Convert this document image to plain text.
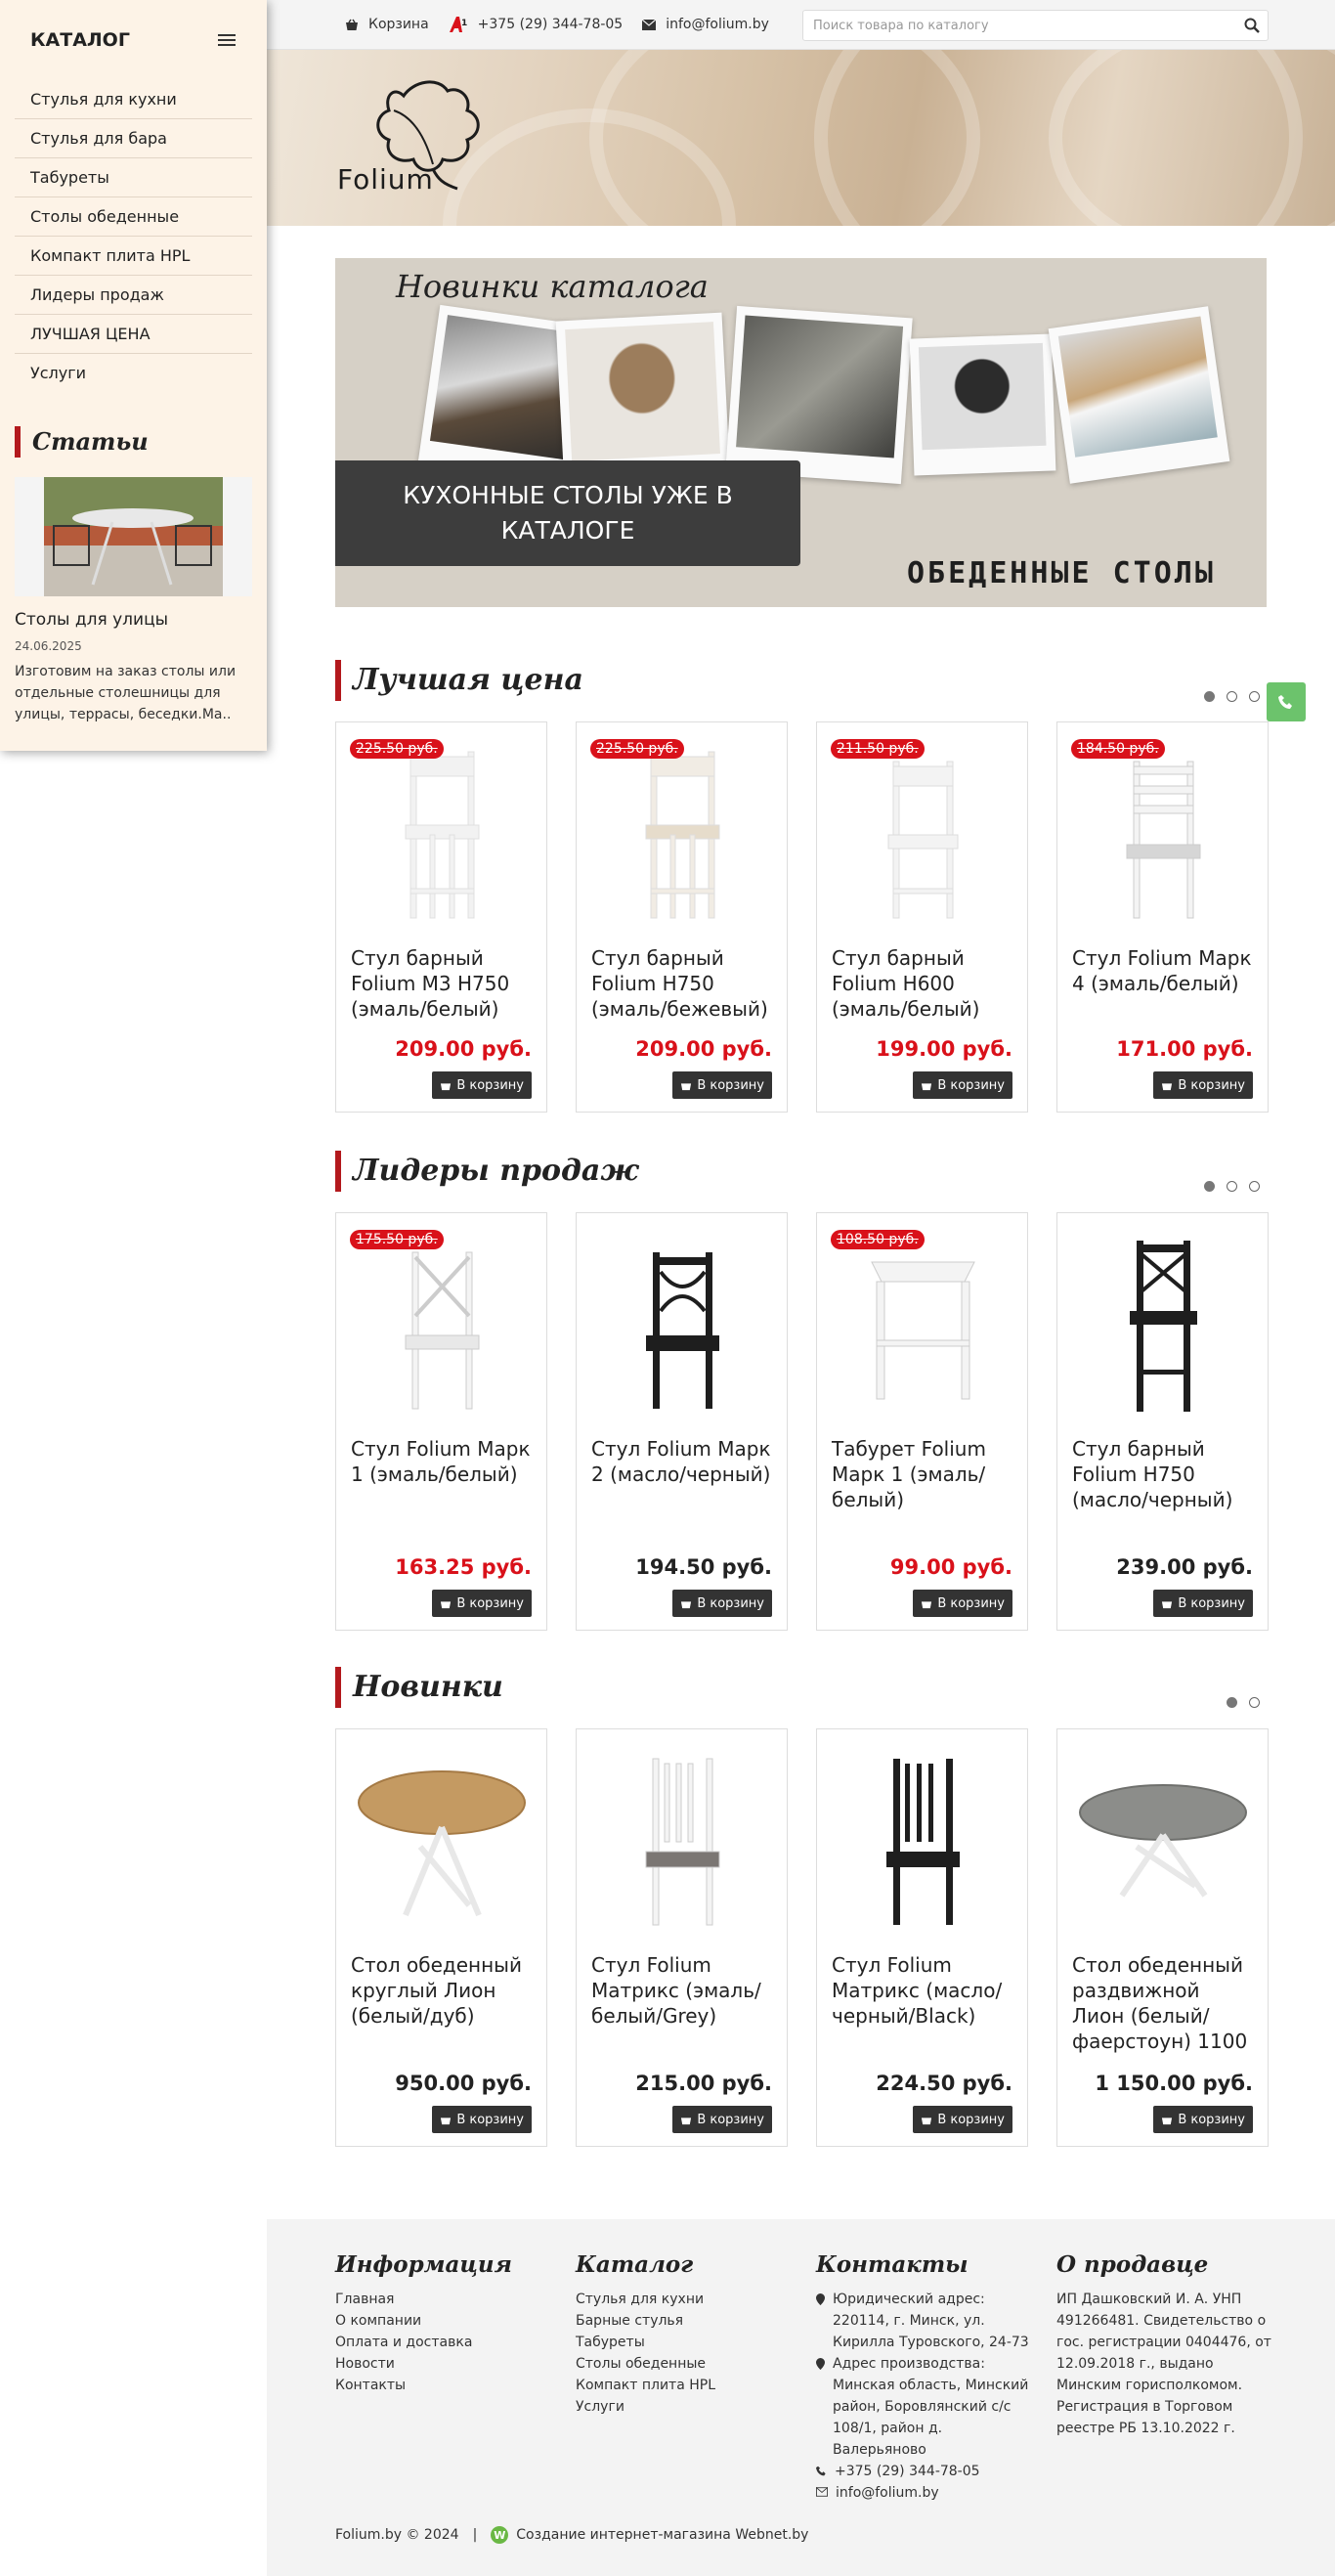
КАТАЛОГ
Стулья для кухни
Стулья для бара
Табуреты
Столы обеденные
Компакт плита HPL
Лидеры продаж
ЛУЧШАЯ ЦЕНА
Услуги
Статьи
Столы для улицы
24.06.2025
Изготовим на заказ столы или отдельные столешницы для улицы, террасы, беседки.Ма..
Корзина	1 +375 (29) 344-78-05	info@folium.by	Поиск товара по каталогу
Folium
Новинки каталога
КУХОННЫЕ СТОЛЫ УЖЕ В КАТАЛОГЕ
ОБЕДЕННЫЕ СТОЛЫ
Лучшая цена
225.50 руб.
Стул барный Folium M3 H750 (эмаль/белый)
209.00 руб.
В корзину
225.50 руб.
Стул барный Folium H750 (эмаль/бежевый)
209.00 руб.
В корзину
211.50 руб.
Стул барный Folium H600 (эмаль/белый)
199.00 руб.
В корзину
184.50 руб.
Стул Folium Марк 4 (эмаль/белый)
171.00 руб.
В корзину
Лидеры продаж
175.50 руб.
Стул Folium Марк 1 (эмаль/белый)
163.25 руб.
В корзину
Стул Folium Марк 2 (масло/черный)
194.50 руб.
В корзину
108.50 руб.
Табурет Folium Марк 1 (эмаль/белый)
99.00 руб.
В корзину
Стул барный Folium H750 (масло/черный)
239.00 руб.
В корзину
Новинки
Стол обеденный круглый Лион (белый/дуб)
950.00 руб.
В корзину
Стул Folium Матрикс (эмаль/белый/Grey)
215.00 руб.
В корзину
Стул Folium Матрикс (масло/черный/Black)
224.50 руб.
В корзину
Стол обеденный раздвижной Лион (белый/фаерстоун) 1100
1 150.00 руб.
В корзину
Информация
Главная
О компании
Оплата и доставка
Новости
Контакты
Каталог
Стулья для кухни
Барные стулья
Табуреты
Столы обеденные
Компакт плита HPL
Услуги
Контакты
Юридический адрес: 220114, г. Минск, ул. Кирилла Туровского, 24-73
Адрес производства: Минская область, Минский район, Боровлянский с/с 108/1, район д. Валерьяново
+375 (29) 344-78-05
info@folium.by
О продавце
ИП Дашковский И. А. УНП 491266481. Свидетельство о гос. регистрации 0404476, от 12.09.2018 г., выдано Минским горисполкомом. Регистрация в Торговом реестре РБ 13.10.2022 г.
Folium.by © 2024 | W Создание интернет-магазина Webnet.by
